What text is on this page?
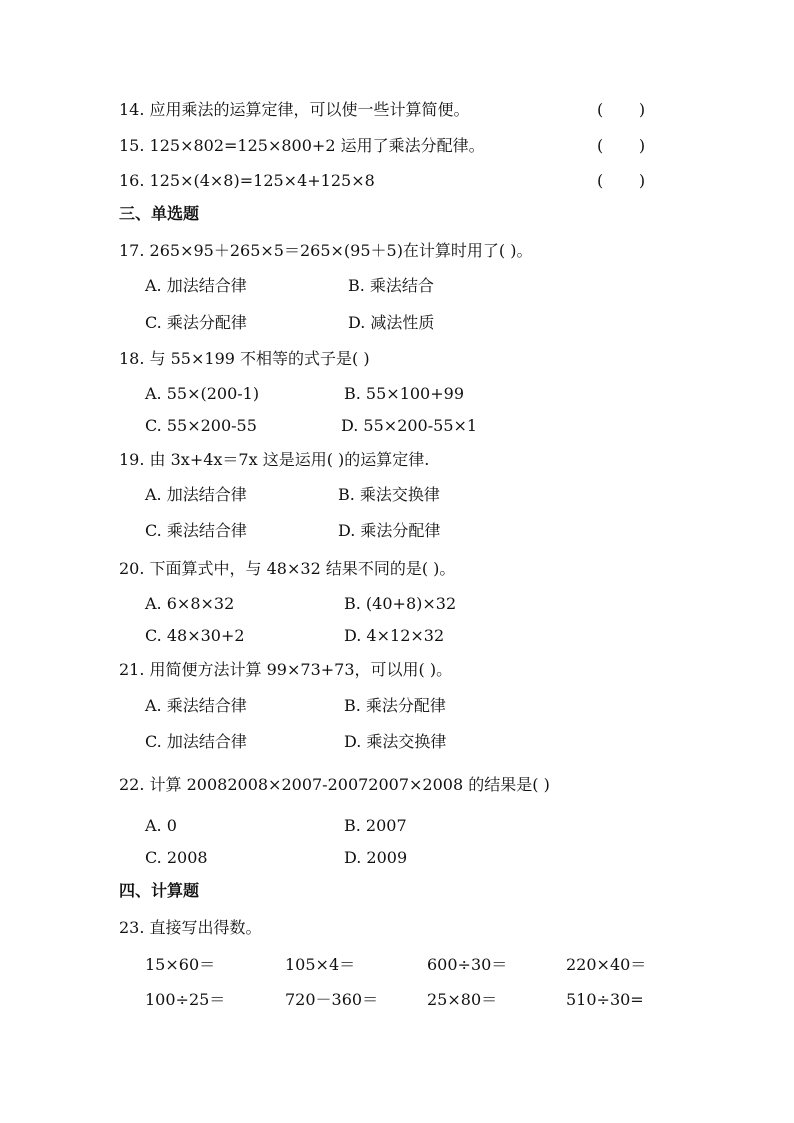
14. 应用乘法的运算定律，可以使一些计算简便。	(       )
15. 125×802=125×800+2 运用了乘法分配律。	(       )
16. 125×(4×8)=125×4+125×8	(       )
三、单选题
17. 265×95＋265×5＝265×(95＋5)在计算时用了( )。
A. 加法结合律	B. 乘法结合
C. 乘法分配律	D. 减法性质
18. 与 55×199 不相等的式子是( )
A. 55×(200-1)	B. 55×100+99
C. 55×200-55	D. 55×200-55×1
19. 由 3x+4x＝7x 这是运用( )的运算定律.
A. 加法结合律	B. 乘法交换律
C. 乘法结合律	D. 乘法分配律
20. 下面算式中，与 48×32 结果不同的是( )。
A. 6×8×32	B. (40+8)×32
C. 48×30+2	D. 4×12×32
21. 用简便方法计算 99×73+73，可以用( )。
A. 乘法结合律	B. 乘法分配律
C. 加法结合律	D. 乘法交换律
22. 计算 20082008×2007-20072007×2008 的结果是( )
A. 0	B. 2007
C. 2008	D. 2009
四、计算题
23. 直接写出得数。
15×60＝	105×4＝	600÷30＝	220×40＝
100÷25＝	720－360＝	25×80＝	510÷30=
